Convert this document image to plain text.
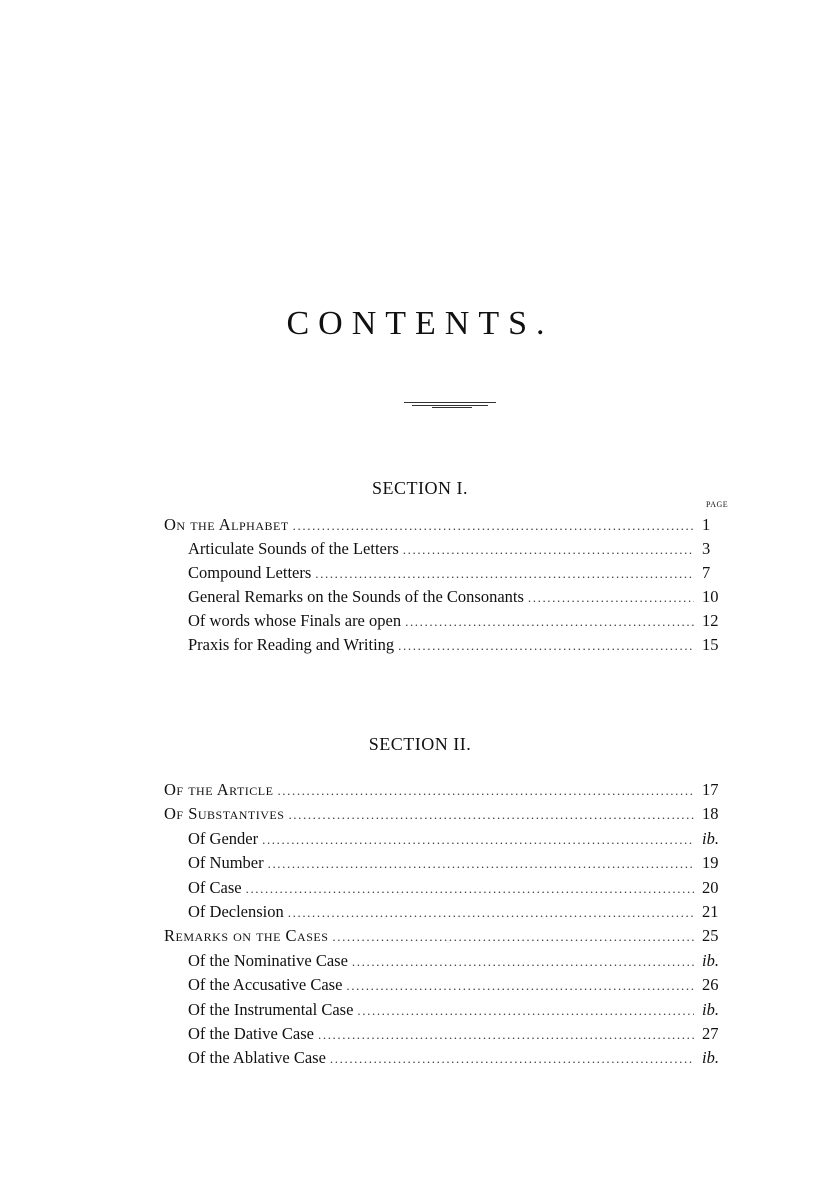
CONTENTS.
SECTION I.
PAGE
On the Alphabet .....	1
Articulate Sounds of the Letters .....	3
Compound Letters .....	7
General Remarks on the Sounds of the Consonants .....	10
Of words whose Finals are open .....	12
Praxis for Reading and Writing .....	15
SECTION II.
Of the Article .....	17
Of Substantives .....	18
Of Gender .....	ib.
Of Number .....	19
Of Case .....	20
Of Declension .....	21
Remarks on the Cases .....	25
Of the Nominative Case .....	ib.
Of the Accusative Case .....	26
Of the Instrumental Case .....	ib.
Of the Dative Case .....	27
Of the Ablative Case .....	ib.
